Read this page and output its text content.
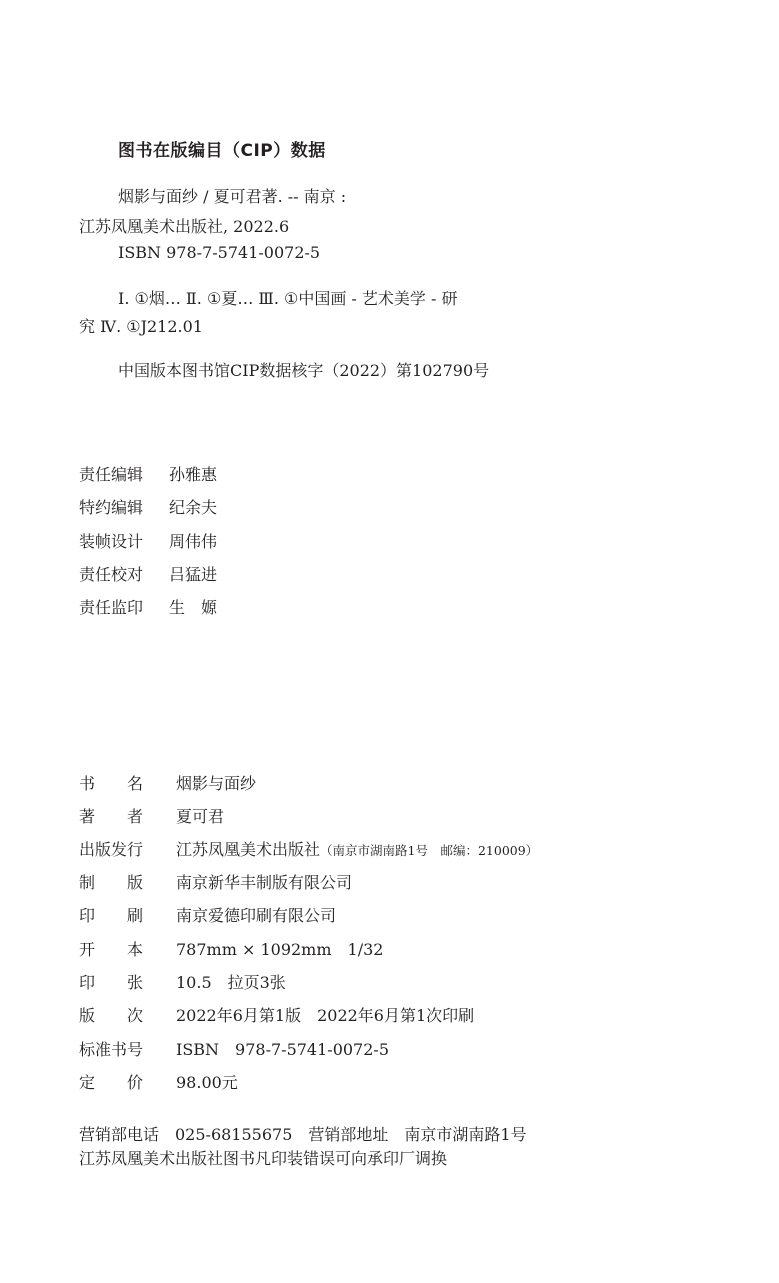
图书在版编目（CIP）数据
烟影与面纱 / 夏可君著. -- 南京 :
江苏凤凰美术出版社, 2022.6
ISBN 978-7-5741-0072-5
Ⅰ. ①烟… Ⅱ. ①夏… Ⅲ. ①中国画 - 艺术美学 - 研
究 Ⅳ. ①J212.01
中国版本图书馆CIP数据核字（2022）第102790号
责任编辑 孙雅惠
特约编辑 纪余夫
装帧设计 周伟伟
责任校对 吕猛进
责任监印 生　嫄
书　　名 烟影与面纱
著　　者 夏可君
出版发行 江苏凤凰美术出版社（南京市湖南路1号　邮编：210009）
制　　版 南京新华丰制版有限公司
印　　刷 南京爱德印刷有限公司
开　　本 787mm × 1092mm　1/32
印　　张 10.5　拉页3张
版　　次 2022年6月第1版　2022年6月第1次印刷
标准书号 ISBN　978-7-5741-0072-5
定　　价 98.00元
营销部电话　025-68155675　营销部地址　南京市湖南路1号
江苏凤凰美术出版社图书凡印装错误可向承印厂调换
